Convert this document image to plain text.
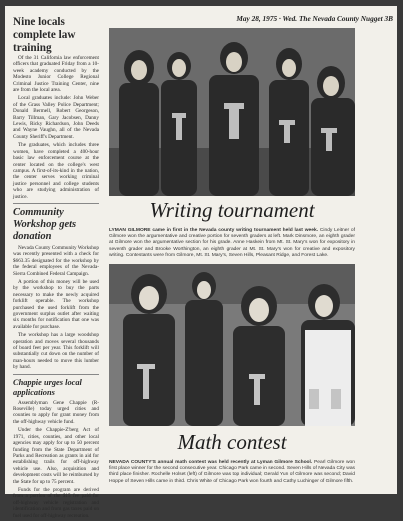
May 28, 1975 · Wed. The Nevada County Nugget 3B
Nine locals complete law training

Of the 31 California law enforcement officers that graduated Friday from a 10-week academy conducted by the Modesto Junior College Regional Criminal Justice Training Center, nine are from the local area.

Local graduates include: John Weber of the Grass Valley Police Department; Donald Bermell, Robert Georgeson, Barry Tillman, Gary Jacobsen, Danny Lewis, Ricky Richardson, John Deeds and Wayne Vaughn, all of the Nevada County Sheriff's Department.

The graduates, which includes three women, have completed a 400-hour basic law enforcement course at the center located on the college's west campus. A first-of-its-kind in the nation, the center serves working criminal justice personnel and college students who are studying administration of justice.

Community Workshop gets donation

Nevada County Community Workshop was recently presented with a check for $663.35 designated for the workshop by the federal employees of the Nevada-Sierra Combined Federal Campaign.

A portion of this money will be used by the workshop to buy the parts necessary to make the newly acquired forklift operable. The workshop purchased the used forklift from the government surplus outlet after waiting six months for notification that one was available for purchase.

The workshop has a large woodshop operation and moves several thousands of board feet per year. This forklift will substantially cut down on the number of man-hours needed to move this lumber by hand.

Chappie urges local applications

Assemblyman Gene Chappie (R-Roseville) today urged cities and counties to apply for grant money from the off-highway vehicle fund.

Under the Chappie-Z'berg Act of 1971, cities, counties, and other local agencies may apply for up to 50 percent funding from the State Department of Parks and Recreation as grants in aid for establishing trails for off-highway vehicle use. Also, acquisition and development costs will be reimbursed by the State for up to 75 percent.

Funds for the program are derived from a portion of the $15 fee paid for off-highway vehicle registration and identification and from gas taxes paid on fuel used for off-highway recreation.

Writing tournament
LYMAN GILMORE came in first in the Nevada county writing tournament held last week. Cindy Leitner of Gilmore won the argumentative and creative portion for seventh graders at left. Mark Dinsmore, an eighth grader at Gilmore won the argumentative section for his grade. Anne Haskein from Mt. St. Mary's won for expository in seventh grader and Brooke Worthington, an eighth grader at Mt. St. Mary's won for creative and expository writing. Contestants were from Gilmore, Mt. St. Mary's, Seven Hills, Pleasant Ridge, and Forest Lake.
Math contest
NEVADA COUNTY'S annual math contest was held recently at Lyman Gilmore School. Pearl Gilmore won first place winner for the second consecutive year. Chicago Park came in second. Seven Hills of Nevada City was third place finisher. Rochelle Holset (left) of Gilmore was top individual; Gerald Yun of Gilmore was second; David Hoppe of Seven Hills came in third. Chris White of Chicago Park won fourth and Cathy Luchinger of Gilmore fifth.
